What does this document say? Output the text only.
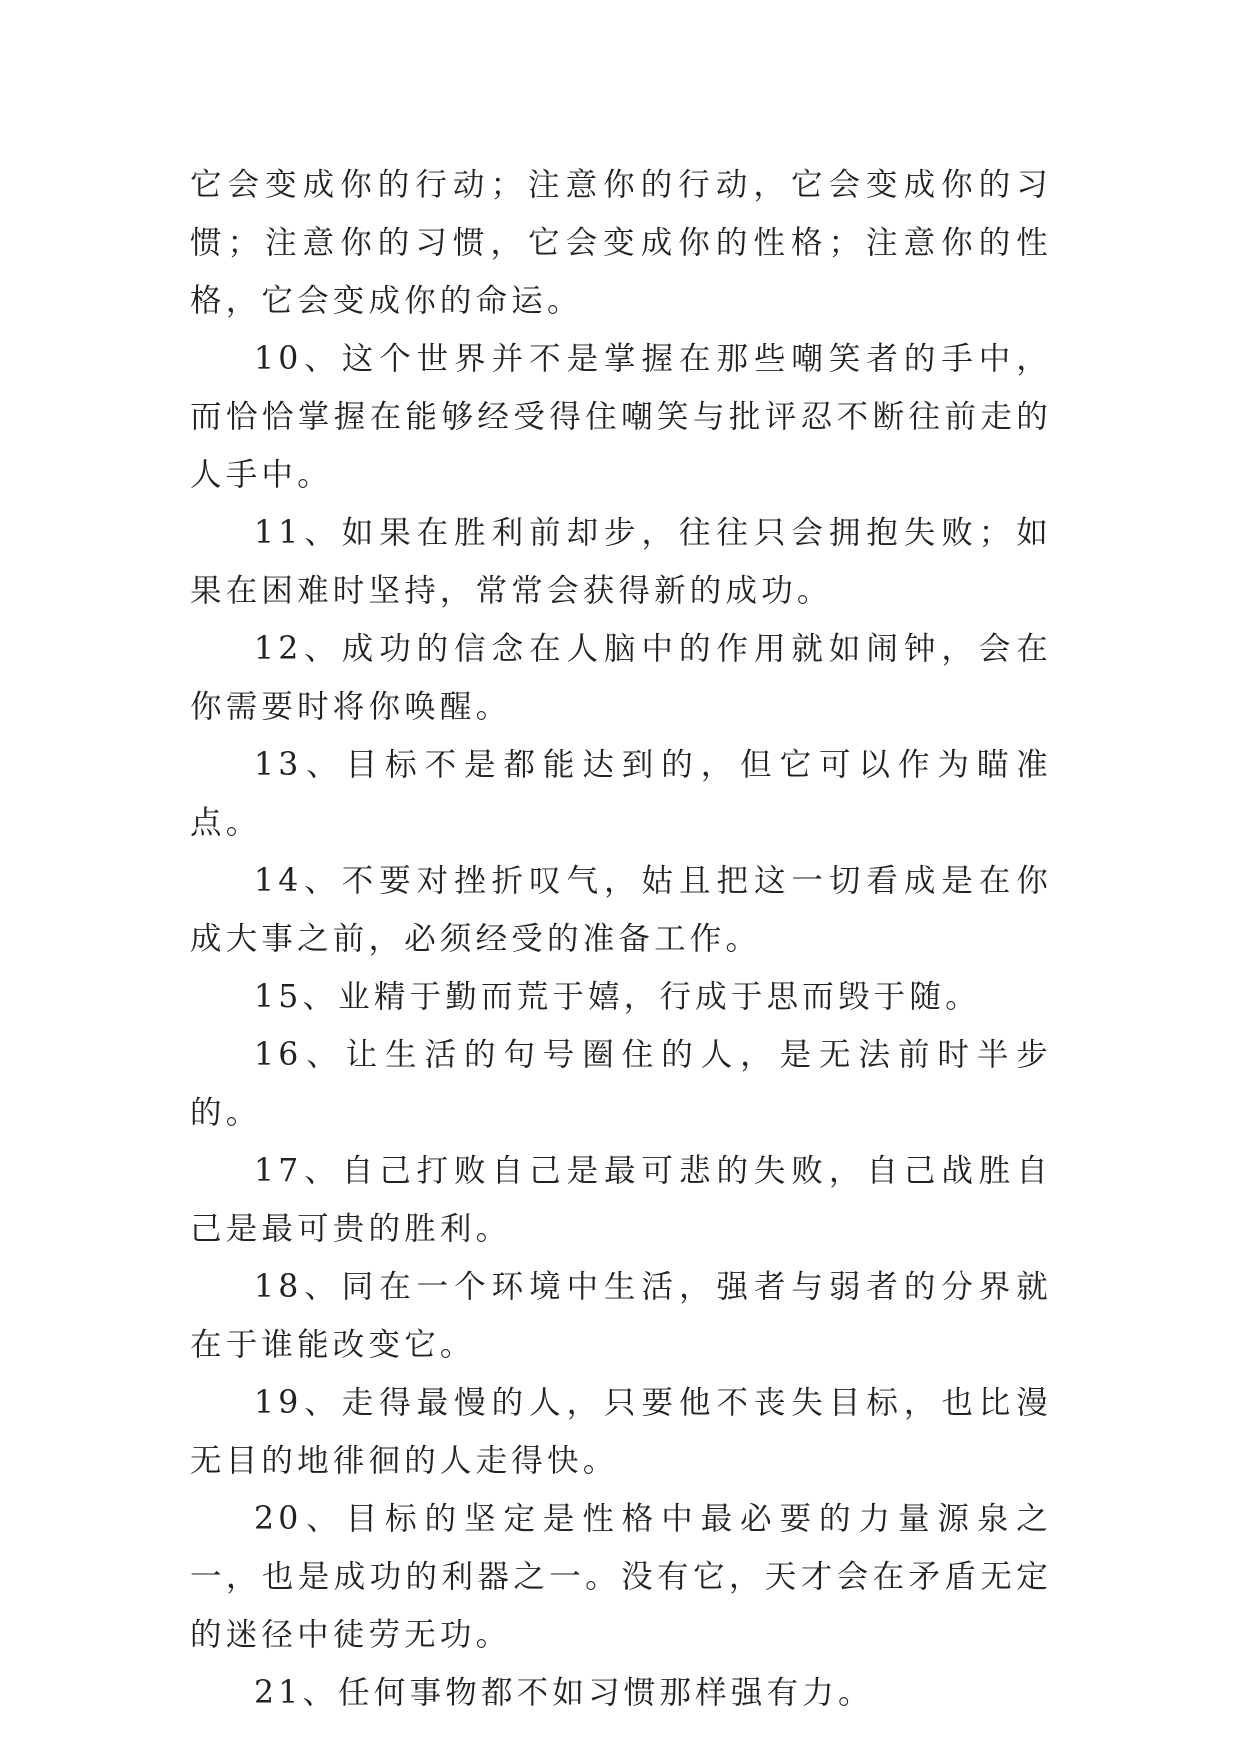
它会变成你的行动；注意你的行动，它会变成你的习惯；注意你的习惯，它会变成你的性格；注意你的性格，它会变成你的命运。

10、这个世界并不是掌握在那些嘲笑者的手中，而恰恰掌握在能够经受得住嘲笑与批评忍不断往前走的人手中。

11、如果在胜利前却步，往往只会拥抱失败；如果在困难时坚持，常常会获得新的成功。

12、成功的信念在人脑中的作用就如闹钟，会在你需要时将你唤醒。

13、目标不是都能达到的，但它可以作为瞄准点。

14、不要对挫折叹气，姑且把这一切看成是在你成大事之前，必须经受的准备工作。

15、业精于勤而荒于嬉，行成于思而毁于随。

16、让生活的句号圈住的人，是无法前时半步的。

17、自己打败自己是最可悲的失败，自己战胜自己是最可贵的胜利。

18、同在一个环境中生活，强者与弱者的分界就在于谁能改变它。

19、走得最慢的人，只要他不丧失目标，也比漫无目的地徘徊的人走得快。

20、目标的坚定是性格中最必要的力量源泉之一，也是成功的利器之一。没有它，天才会在矛盾无定的迷径中徒劳无功。

21、任何事物都不如习惯那样强有力。
